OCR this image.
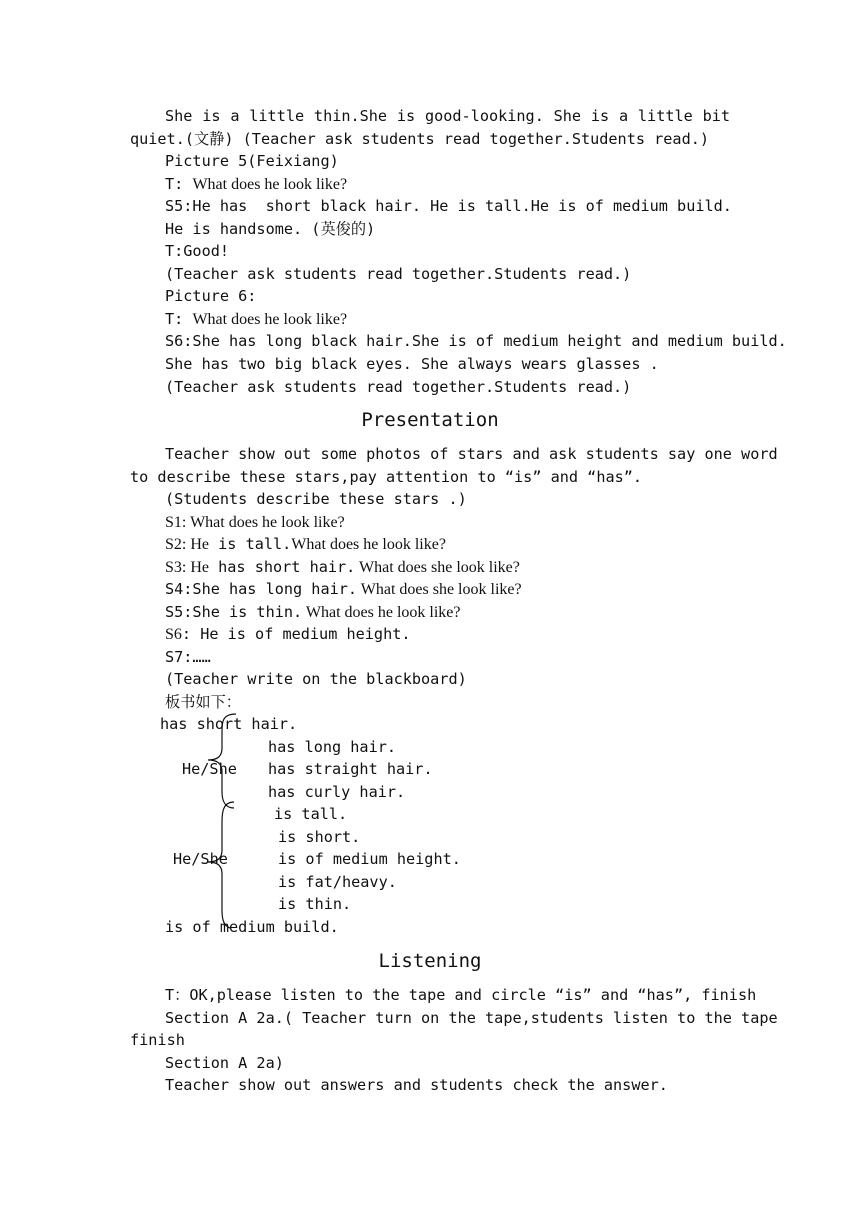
She is a little thin.She is good-looking. She is a little bit
quiet.(文静) (Teacher ask students read together.Students read.)
Picture 5(Feixiang)
T: What does he look like?
S5:He has  short black hair. He is tall.He is of medium build.
He is handsome. (英俊的)
T:Good!
(Teacher ask students read together.Students read.)
Picture 6:
T: What does he look like?
S6:She has long black hair.She is of medium height and medium build.
She has two big black eyes. She always wears glasses .
(Teacher ask students read together.Students read.)
Presentation
Teacher show out some photos of stars and ask students say one word
to describe these stars,pay attention to “is” and “has”.
(Students describe these stars .)
S1: What does he look like?
S2: He is tall.What does he look like?
S3: He has short hair. What does she look like?
S4:She has long hair. What does she look like?
S5:She is thin. What does he look like?
S6: He is of medium height.
S7:……
(Teacher write on the blackboard)
板书如下：
has short hair.
has long hair.
He/She has straight hair.
has curly hair.
is tall.
is short.
He/She	is of medium height.
is fat/heavy.
is thin.
is of medium build.
Listening
T：OK,please listen to the tape and circle “is” and “has”, finish
Section A 2a.( Teacher turn on the tape,students listen to the tape
finish
Section A 2a)
Teacher show out answers and students check the answer.
